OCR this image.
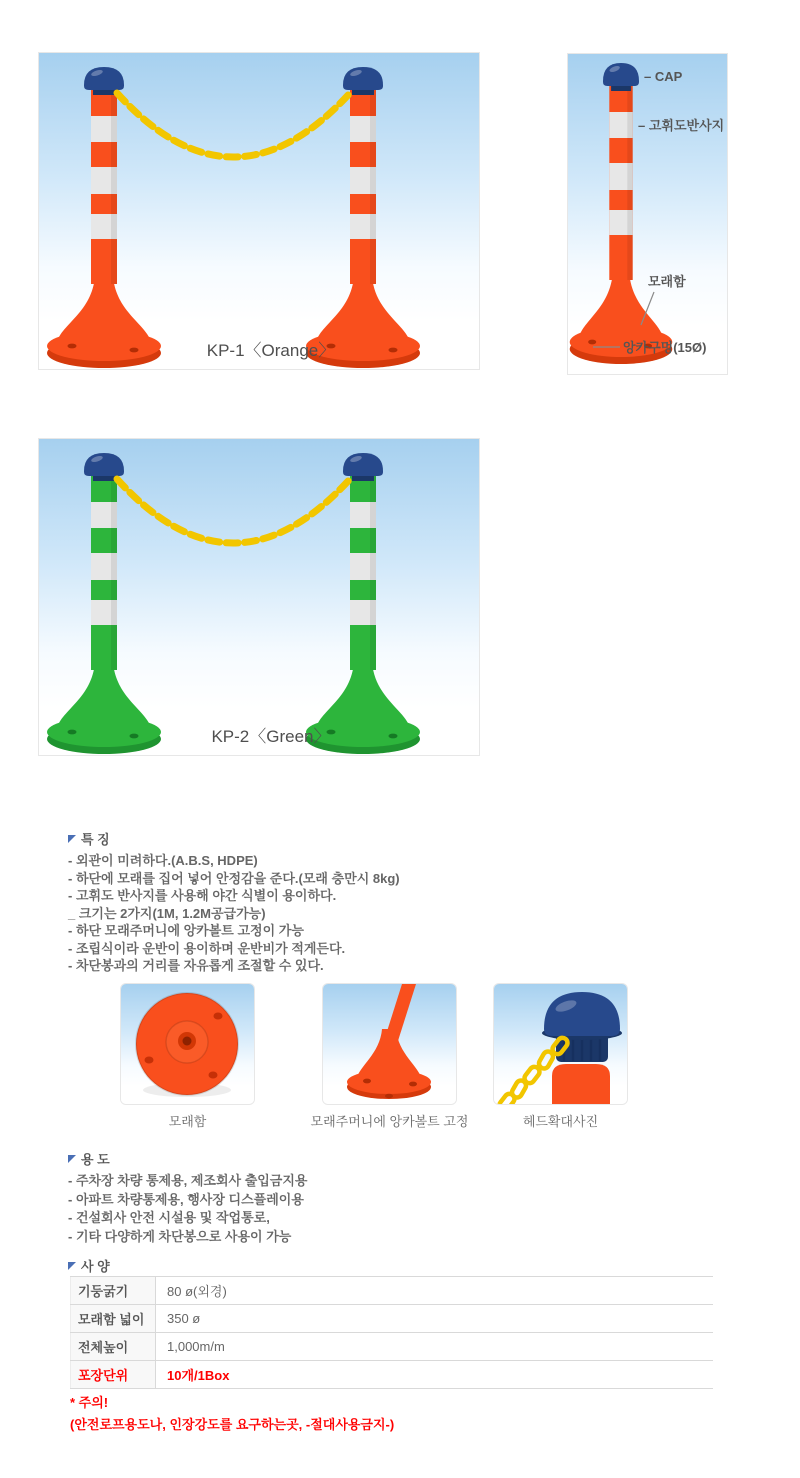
KP-1〈Orange〉
– CAP
– 고휘도반사지
모래함
앙카구멍(15Ø)
KP-2〈Green〉
특 징
- 외관이 미려하다.(A.B.S, HDPE)
- 하단에 모래를 집어 넣어 안정감을 준다.(모래 충만시 8kg)
- 고휘도 반사지를 사용해 야간 식별이 용이하다.
_ 크기는 2가지(1M, 1.2M공급가능)
- 하단 모래주머니에 앙카볼트 고정이 가능
- 조립식이라 운반이 용이하며 운반비가 적게든다.
- 차단봉과의 거리를 자유롭게 조절할 수 있다.
모래함	모래주머니에 앙카볼트 고정	헤드확대사진
용 도
- 주차장 차량 통제용, 제조회사 출입금지용
- 아파트 차량통제용, 행사장 디스플레이용
- 건설회사 안전 시설용 및 작업통로,
- 기타 다양하게 차단봉으로 사용이 가능
사 양
기둥굵기	80 ø(외경)
모래함 넓이	350 ø
전체높이	1,000m/m
포장단위	10개/1Box
* 주의!
(안전로프용도나, 인장강도를 요구하는곳, -절대사용금지-)
